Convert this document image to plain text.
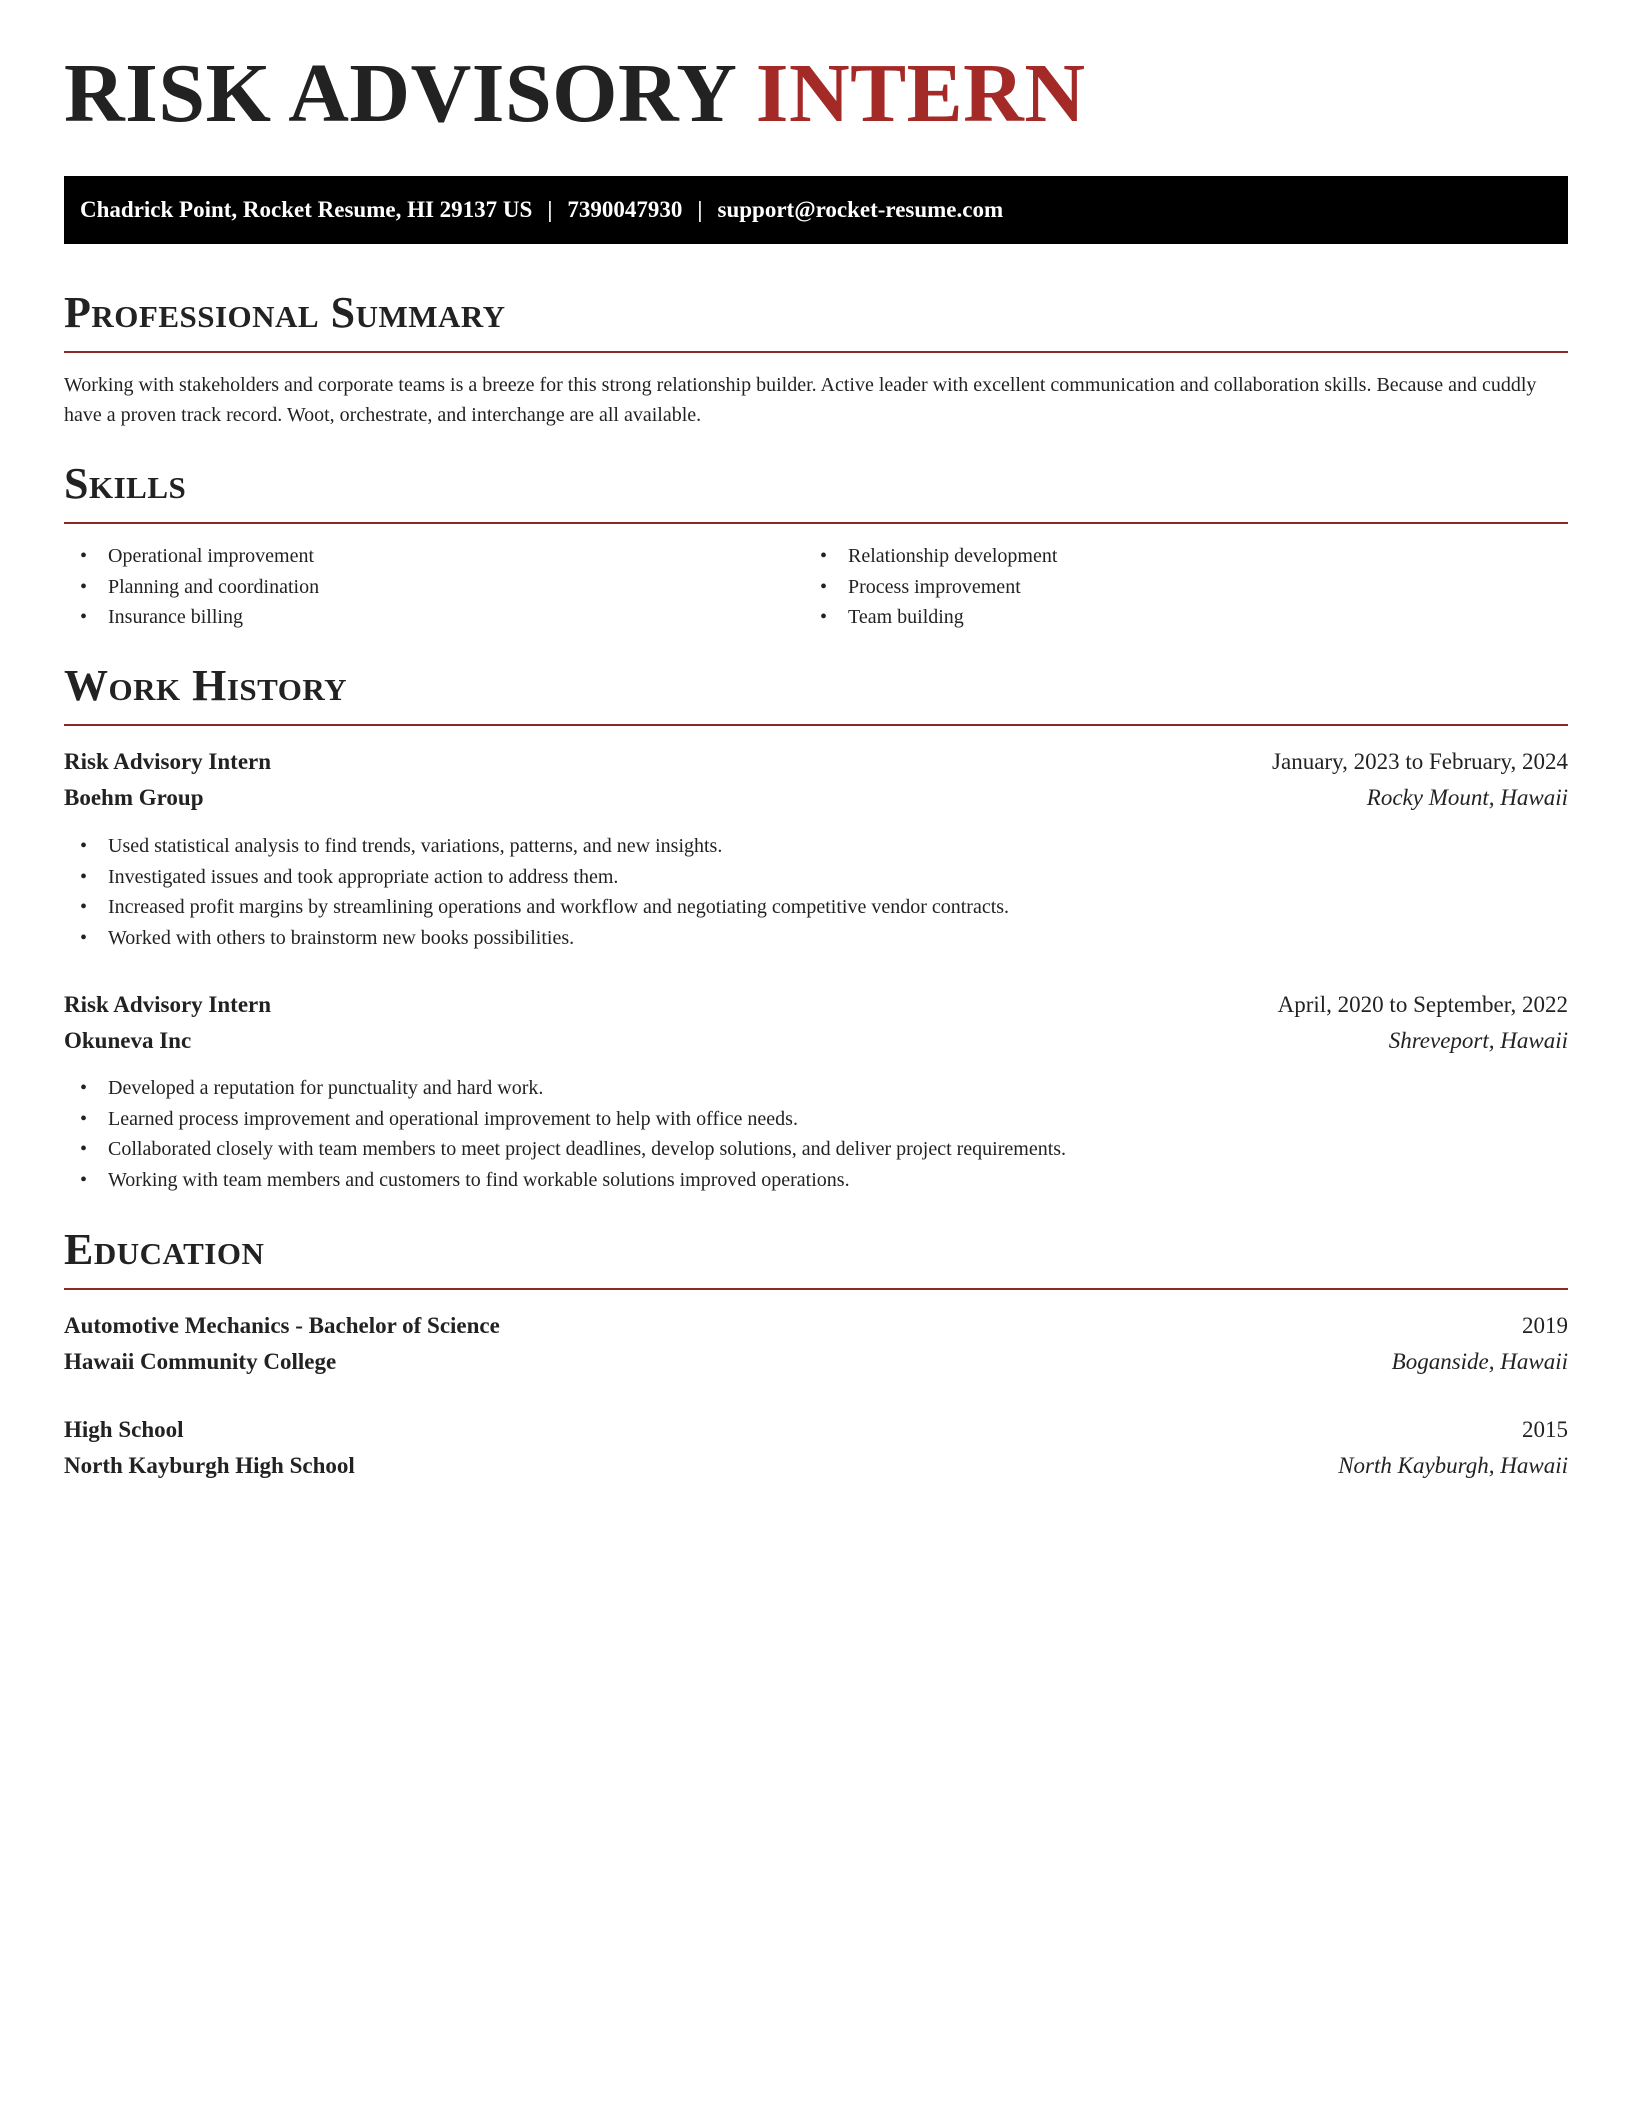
RISK ADVISORY INTERN
Chadrick Point, Rocket Resume, HI 29137 US | 7390047930 | support@rocket-resume.com
Professional Summary

Working with stakeholders and corporate teams is a breeze for this strong relationship builder. Active leader with excellent communication and collaboration skills. Because and cuddly have a proven track record. Woot, orchestrate, and interchange are all available.

Skills
• Operational improvement
• Planning and coordination
• Insurance billing
• Relationship development
• Process improvement
• Team building
Work History
Risk Advisory Intern	January, 2023 to February, 2024
Boehm Group	Rocky Mount, Hawaii
• Used statistical analysis to find trends, variations, patterns, and new insights.
• Investigated issues and took appropriate action to address them.
• Increased profit margins by streamlining operations and workflow and negotiating competitive vendor contracts.
• Worked with others to brainstorm new books possibilities.
Risk Advisory Intern	April, 2020 to September, 2022
Okuneva Inc	Shreveport, Hawaii
• Developed a reputation for punctuality and hard work.
• Learned process improvement and operational improvement to help with office needs.
• Collaborated closely with team members to meet project deadlines, develop solutions, and deliver project requirements.
• Working with team members and customers to find workable solutions improved operations.
Education
Automotive Mechanics - Bachelor of Science	2019
Hawaii Community College	Boganside, Hawaii
High School	2015
North Kayburgh High School	North Kayburgh, Hawaii
